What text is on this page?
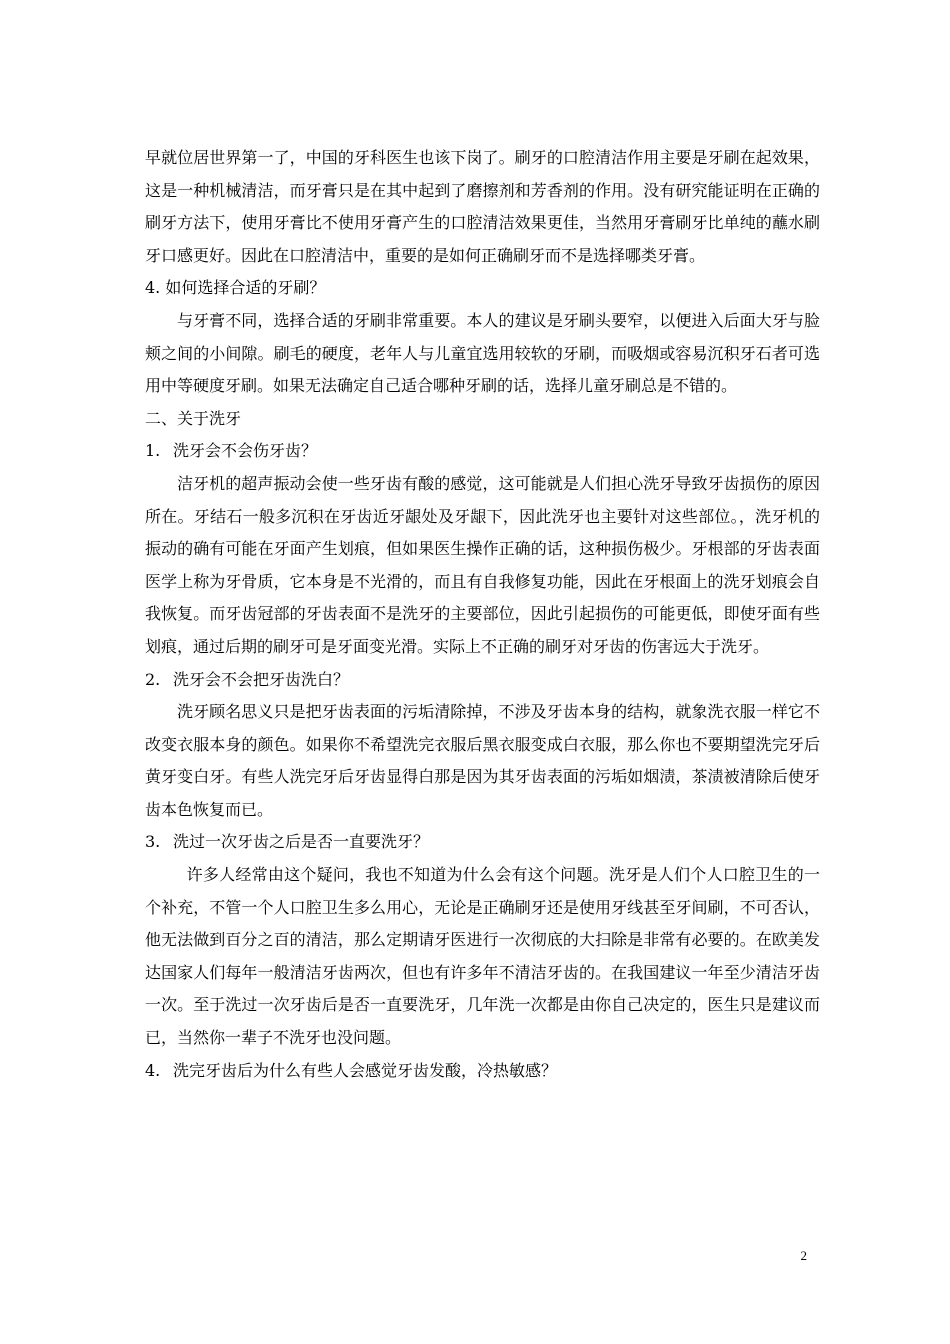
早就位居世界第一了，中国的牙科医生也该下岗了。刷牙的口腔清洁作用主要是牙刷在起效果，这是一种机械清洁，而牙膏只是在其中起到了磨擦剂和芳香剂的作用。没有研究能证明在正确的刷牙方法下，使用牙膏比不使用牙膏产生的口腔清洁效果更佳，当然用牙膏刷牙比单纯的蘸水刷牙口感更好。因此在口腔清洁中，重要的是如何正确刷牙而不是选择哪类牙膏。

4. 如何选择合适的牙刷？

与牙膏不同，选择合适的牙刷非常重要。本人的建议是牙刷头要窄，以便进入后面大牙与脸颊之间的小间隙。刷毛的硬度，老年人与儿童宜选用较软的牙刷，而吸烟或容易沉积牙石者可选用中等硬度牙刷。如果无法确定自己适合哪种牙刷的话，选择儿童牙刷总是不错的。

二、关于洗牙

1. 洗牙会不会伤牙齿？

洁牙机的超声振动会使一些牙齿有酸的感觉，这可能就是人们担心洗牙导致牙齿损伤的原因所在。牙结石一般多沉积在牙齿近牙龈处及牙龈下，因此洗牙也主要针对这些部位。，洗牙机的振动的确有可能在牙面产生划痕，但如果医生操作正确的话，这种损伤极少。牙根部的牙齿表面医学上称为牙骨质，它本身是不光滑的，而且有自我修复功能，因此在牙根面上的洗牙划痕会自我恢复。而牙齿冠部的牙齿表面不是洗牙的主要部位，因此引起损伤的可能更低，即使牙面有些划痕，通过后期的刷牙可是牙面变光滑。实际上不正确的刷牙对牙齿的伤害远大于洗牙。

2. 洗牙会不会把牙齿洗白？

洗牙顾名思义只是把牙齿表面的污垢清除掉，不涉及牙齿本身的结构，就象洗衣服一样它不改变衣服本身的颜色。如果你不希望洗完衣服后黑衣服变成白衣服，那么你也不要期望洗完牙后黄牙变白牙。有些人洗完牙后牙齿显得白那是因为其牙齿表面的污垢如烟渍，茶渍被清除后使牙齿本色恢复而已。

3. 洗过一次牙齿之后是否一直要洗牙？

许多人经常由这个疑问，我也不知道为什么会有这个问题。洗牙是人们个人口腔卫生的一个补充，不管一个人口腔卫生多么用心，无论是正确刷牙还是使用牙线甚至牙间刷，不可否认，他无法做到百分之百的清洁，那么定期请牙医进行一次彻底的大扫除是非常有必要的。在欧美发达国家人们每年一般清洁牙齿两次，但也有许多年不清洁牙齿的。在我国建议一年至少清洁牙齿一次。至于洗过一次牙齿后是否一直要洗牙，几年洗一次都是由你自己决定的，医生只是建议而已，当然你一辈子不洗牙也没问题。

4. 洗完牙齿后为什么有些人会感觉牙齿发酸，冷热敏感？

2
